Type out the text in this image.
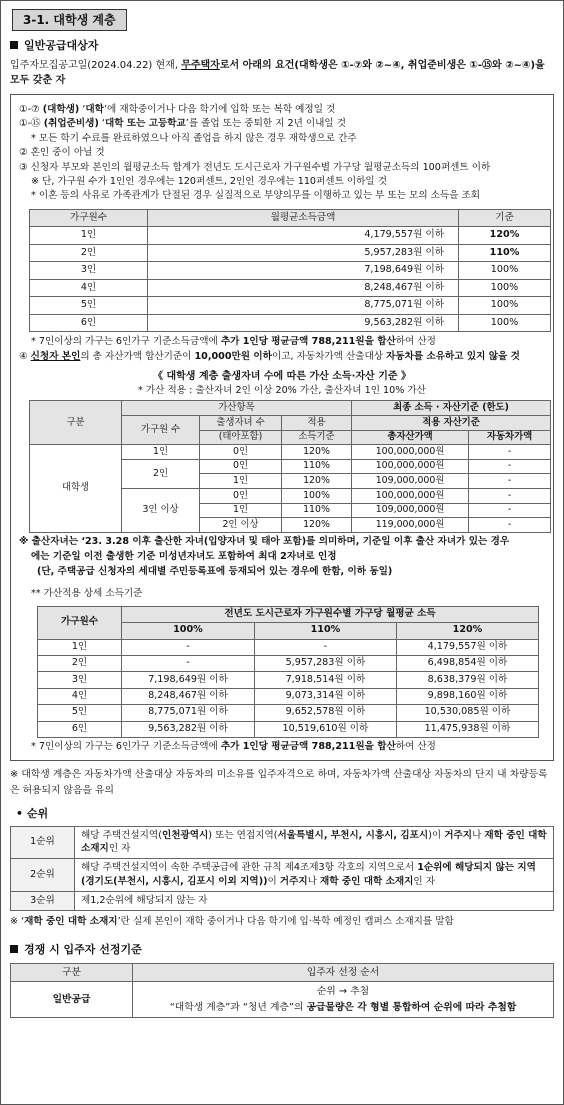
3-1. 대학생 계층
일반공급대상자
입주자모집공고일(2024.04.22) 현재, 무주택자로서 아래의 요건(대학생은 ①-⑦와 ②~④, 취업준비생은 ①-⑮와 ②~④)을 모두 갖춘 자
①-⑦ (대학생) ‘대학’에 재학중이거나 다음 학기에 입학 또는 복학 예정일 것
①-⑮ (취업준비생) ‘대학 또는 고등학교’를 졸업 또는 중퇴한 지 2년 이내일 것
* 모든 학기 수료를 완료하였으나 아직 졸업을 하지 않은 경우 재학생으로 간주
② 혼인 중이 아닐 것
③ 신청자 부모와 본인의 월평균소득 합계가 전년도 도시근로자 가구원수별 가구당 월평균소득의 100퍼센트 이하
※ 단, 가구원 수가 1인인 경우에는 120퍼센트, 2인인 경우에는 110퍼센트 이하일 것
* 이혼 등의 사유로 가족관계가 단절된 경우 실질적으로 부양의무를 이행하고 있는 부 또는 모의 소득을 조회
가구원수	월평균소득금액	기준
1인	4,179,557원 이하	120%
2인	5,957,283원 이하	110%
3인	7,198,649원 이하	100%
4인	8,248,467원 이하	100%
5인	8,775,071원 이하	100%
6인	9,563,282원 이하	100%
* 7인이상의 가구는 6인가구 기준소득금액에 추가 1인당 평균금액 788,211원을 합산하여 산정
④ 신청자 본인의 총 자산가액 합산기준이 10,000만원 이하이고, 자동차가액 산출대상 자동차를 소유하고 있지 않을 것
《 대학생 계층 출생자녀 수에 따른 가산 소득·자산 기준 》
* 가산 적용 : 출산자녀 2인 이상 20% 가산, 출산자녀 1인 10% 가산
구분	가산항목			최종 소득 · 자산기준 (한도)	
	가구원 수	출생자녀 수	적용	적용 자산기준	
		(태아포함)	소득기준	총자산가액	자동차가액
대학생	1인	0인	120%	100,000,000원	-
	2인	0인	110%	100,000,000원	-
		1인	120%	109,000,000원	-
	3인 이상	0인	100%	100,000,000원	-
		1인	110%	109,000,000원	-
		2인 이상	120%	119,000,000원	-
※ 출산자녀는 ‘23. 3.28 이후 출산한 자녀(입양자녀 및 태아 포함)를 의미하며, 기준일 이후 출산 자녀가 있는 경우
에는 기준일 이전 출생한 기준 미성년자녀도 포함하여 최대 2자녀로 인정
(단, 주택공급 신청자의 세대별 주민등록표에 등재되어 있는 경우에 한함, 이하 동일)
** 가산적용 상세 소득기준
가구원수	전년도 도시근로자 가구원수별 가구당 월평균 소득		
	100%	110%	120%
1인	-	-	4,179,557원 이하
2인	-	5,957,283원 이하	6,498,854원 이하
3인	7,198,649원 이하	7,918,514원 이하	8,638,379원 이하
4인	8,248,467원 이하	9,073,314원 이하	9,898,160원 이하
5인	8,775,071원 이하	9,652,578원 이하	10,530,085원 이하
6인	9,563,282원 이하	10,519,610원 이하	11,475,938원 이하
* 7인이상의 가구는 6인가구 기준소득금액에 추가 1인당 평균금액 788,211원을 합산하여 산정
※ 대학생 계층은 자동차가액 산출대상 자동차의 미소유를 입주자격으로 하며, 자동차가액 산출대상 자동차의 단지 내 차량등록은 허용되지 않음을 유의
• 순위
1순위	해당 주택건설지역(인천광역시) 또는 연접지역(서울특별시, 부천시, 시흥시, 김포시)이 거주지나 재학 중인 대학 소재지인 자
2순위	해당 주택건설지역이 속한 주택공급에 관한 규칙 제4조제3항 각호의 지역으로서 1순위에 해당되지 않는 지역(경기도(부천시, 시흥시, 김포시 이외 지역))이 거주지나 재학 중인 대학 소재지인 자
3순위	제1,2순위에 해당되지 않는 자
※ ‘재학 중인 대학 소재지’란 실제 본인이 재학 중이거나 다음 학기에 입·복학 예정인 캠퍼스 소재지를 말함
경쟁 시 입주자 선정기준
구분	입주자 선정 순서
일반공급	순위 → 추첨
“대학생 계층”과 “청년 계층”의 공급물량은 각 형별 통합하여 순위에 따라 추첨함
